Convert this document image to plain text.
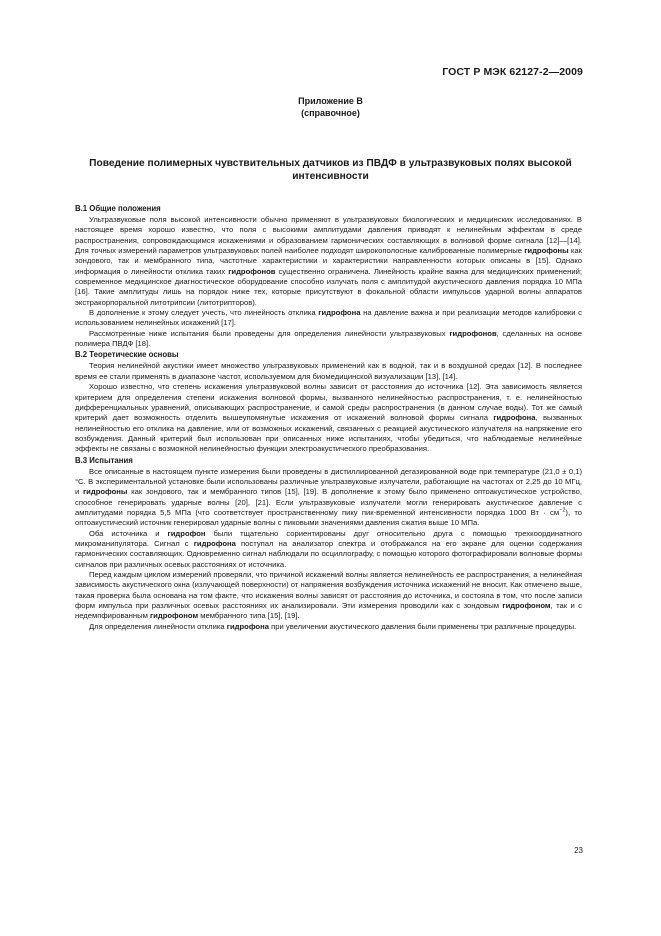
ГОСТ Р МЭК 62127-2—2009
Приложение В
(справочное)
Поведение полимерных чувствительных датчиков из ПВДФ в ультразвуковых полях высокой интенсивности
В.1 Общие положения

Ультразвуковые поля высокой интенсивности обычно применяют в ультразвуковых биологических и медицинских исследованиях. В настоящее время хорошо известно, что поля с высокими амплитудами давления приводят к нелинейным эффектам в среде распространения, сопровождающимся искажениями и образованием гармонических составляющих в волновой форме сигнала [12]—[14]. Для точных измерений параметров ультразвуковых полей наиболее подходят широкополосные калиброванные полимерные гидрофоны как зондового, так и мембранного типа, частотные характеристики и характеристики направленности которых описаны в [15]. Однако информация о линейности отклика таких гидрофонов существенно ограничена. Линейность крайне важна для медицинских применений; современное медицинское диагностическое оборудование способно излучать поля с амплитудой акустического давления порядка 10 МПа [16]. Такие амплитуды лишь на порядок ниже тех, которые присутствуют в фокальной области импульсов ударной волны аппаратов экстракорпоральной литотрипсии (литотрипторов).

В дополнение к этому следует учесть, что линейность отклика гидрофона на давление важна и при реализации методов калибровки с использованием нелинейных искажений [17].

Рассмотренные ниже испытания были проведены для определения линейности ультразвуковых гидрофонов, сделанных на основе полимера ПВДФ [18].

В.2 Теоретические основы

Теория нелинейной акустики имеет множество ультразвуковых применений как в водной, так и в воздушной средах [12]. В последнее время ее стали применять в диапазоне частот, используемом для биомедицинской визуализации [13], [14].

Хорошо известно, что степень искажения ультразвуковой волны зависит от расстояния до источника [12]. Эта зависимость является критерием для определения степени искажения волновой формы, вызванного нелинейностью распространения, т. е. нелинейностью дифференциальных уравнений, описывающих распространение, и самой среды распространения (в данном случае воды). Тот же самый критерий дает возможность отделить вышеупомянутые искажения от искажений волновой формы сигнала гидрофона, вызванных нелинейностью его отклика на давление, или от возможных искажений, связанных с реакцией акустического излучателя на напряжение его возбуждения. Данный критерий был использован при описанных ниже испытаниях, чтобы убедиться, что наблюдаемые нелинейные эффекты не связаны с возможной нелинейностью функции электроакустического преобразования.

В.3 Испытания

Все описанные в настоящем пункте измерения были проведены в дистиллированной дегазированной воде при температуре (21,0 ± 0,1)°С. В экспериментальной установке были использованы различные ультразвуковые излучатели, работающие на частотах от 2,25 до 10 МГц, и гидрофоны как зондового, так и мембранного типов [15], [19]. В дополнение к этому было применено оптоакустическое устройство, способное генерировать ударные волны [20], [21]. Если ультразвуковые излучатели могли генерировать акустическое давление с амплитудами порядка 5,5 МПа (что соответствует пространственному пику пик-временной интенсивности порядка 1000 Вт · $см^{-2}$), то оптоакустический источник генерировал ударные волны с пиковыми значениями давления сжатия выше 10 МПа.

Оба источника и гидрофон были тщательно сориентированы друг относительно друга с помощью трехкоординатного микроманипулятора. Сигнал с гидрофона поступал на анализатор спектра и отображался на его экране для оценки содержания гармонических составляющих. Одновременно сигнал наблюдали по осциллографу, с помощью которого фотографировали волновые формы сигналов при различных осевых расстояниях от источника.

Перед каждым циклом измерений проверяли, что причиной искажений волны является нелинейность ее распространения, а нелинейная зависимость акустического окна (излучающей поверхности) от напряжения возбуждения источника искажений не вносит. Как отмечено выше, такая проверка была основана на том факте, что искажения волны зависят от расстояния до источника, и состояла в том, что после записи форм импульса при различных осевых расстояниях их анализировали. Эти измерения проводили как с зондовым гидрофоном, так и с недемпфированным гидрофоном мембранного типа [15], [19].

Для определения линейности отклика гидрофона при увеличении акустического давления были применены три различные процедуры.

23
